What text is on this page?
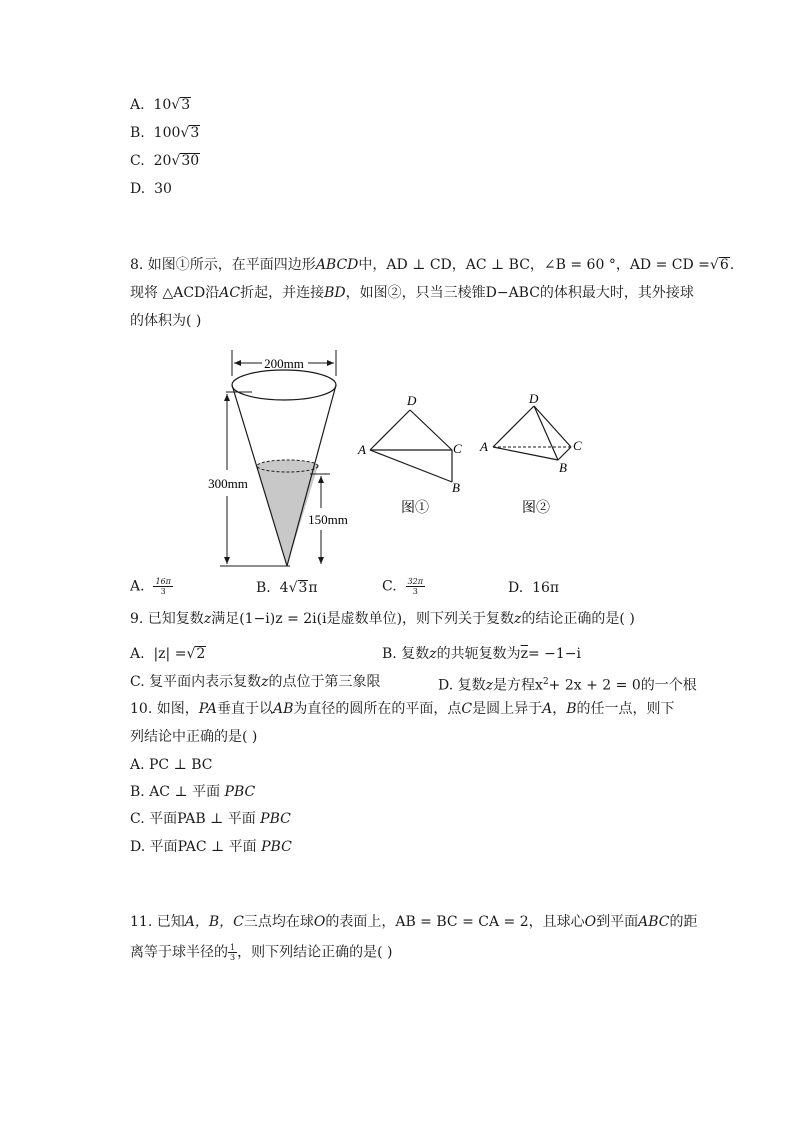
A. 10√3
B. 100√3
C. 20√30
D. 30
8. 如图①所示，在平面四边形ABCD中，AD ⊥ CD，AC ⊥ BC，∠B = 60 °，AD = CD =√6.
现将 △ACD沿AC折起，并连接BD，如图②，只当三棱锥D−ABC的体积最大时，其外接球
的体积为( )
200mm
300mm
150mm
D
A	C
B
图①
D
A	C
B
图②
A. $\frac{16\pi}{3}$	B. 4√3π	C. $\frac{32\pi}{3}$	D. 16π
9. 已知复数z满足(1−i)z = 2i(i是虚数单位)，则下列关于复数z的结论正确的是( )
A. |z| =√2	B. 复数z的共轭复数为$\overline{z}= -1-i$
C. 复平面内表示复数z的点位于第三象限	D. 复数z是方程$x^2+ 2x + 2 = 0$的一个根
10. 如图，PA垂直于以AB为直径的圆所在的平面，点C是圆上异于A，B的任一点，则下
列结论中正确的是( )
A. PC ⊥ BC
B. AC ⊥ 平面 PBC
C. 平面PAB ⊥ 平面 PBC
D. 平面PAC ⊥ 平面 PBC
11. 已知A，B，C三点均在球O的表面上，AB = BC = CA = 2，且球心O到平面ABC的距
离等于球半径的 $\frac{1}{3}$ ，则下列结论正确的是( )
